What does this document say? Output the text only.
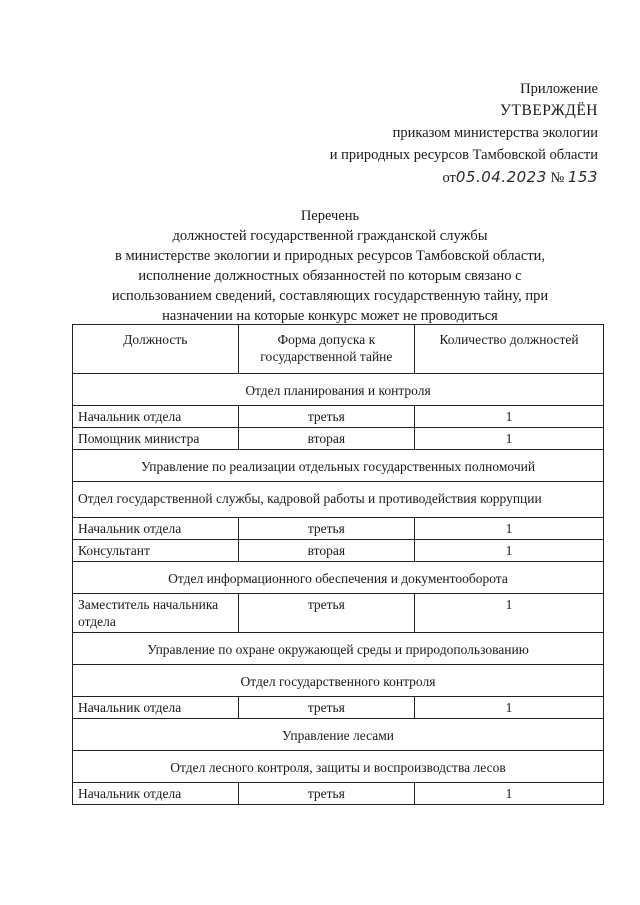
Приложение
УТВЕРЖДЁН
приказом министерства экологии
и природных ресурсов Тамбовской области
от05.04.2023 № 153
Перечень
должностей государственной гражданской службы
в министерстве экологии и природных ресурсов Тамбовской области,
исполнение должностных обязанностей по которым связано с
использованием сведений, составляющих государственную тайну, при
назначении на которые конкурс может не проводиться
Должность	Форма допуска к государственной тайне	Количество должностей
Отдел планирования и контроля		
Начальник отдела	третья	1
Помощник министра	вторая	1
Управление по реализации отдельных государственных полномочий		
Отдел государственной службы, кадровой работы и противодействия коррупции		
Начальник отдела	третья	1
Консультант	вторая	1
Отдел информационного обеспечения и документооборота		
Заместитель начальника отдела	третья	1
Управление по охране окружающей среды и природопользованию		
Отдел государственного контроля		
Начальник отдела	третья	1
Управление лесами		
Отдел лесного контроля, защиты и воспроизводства лесов		
Начальник отдела	третья	1
